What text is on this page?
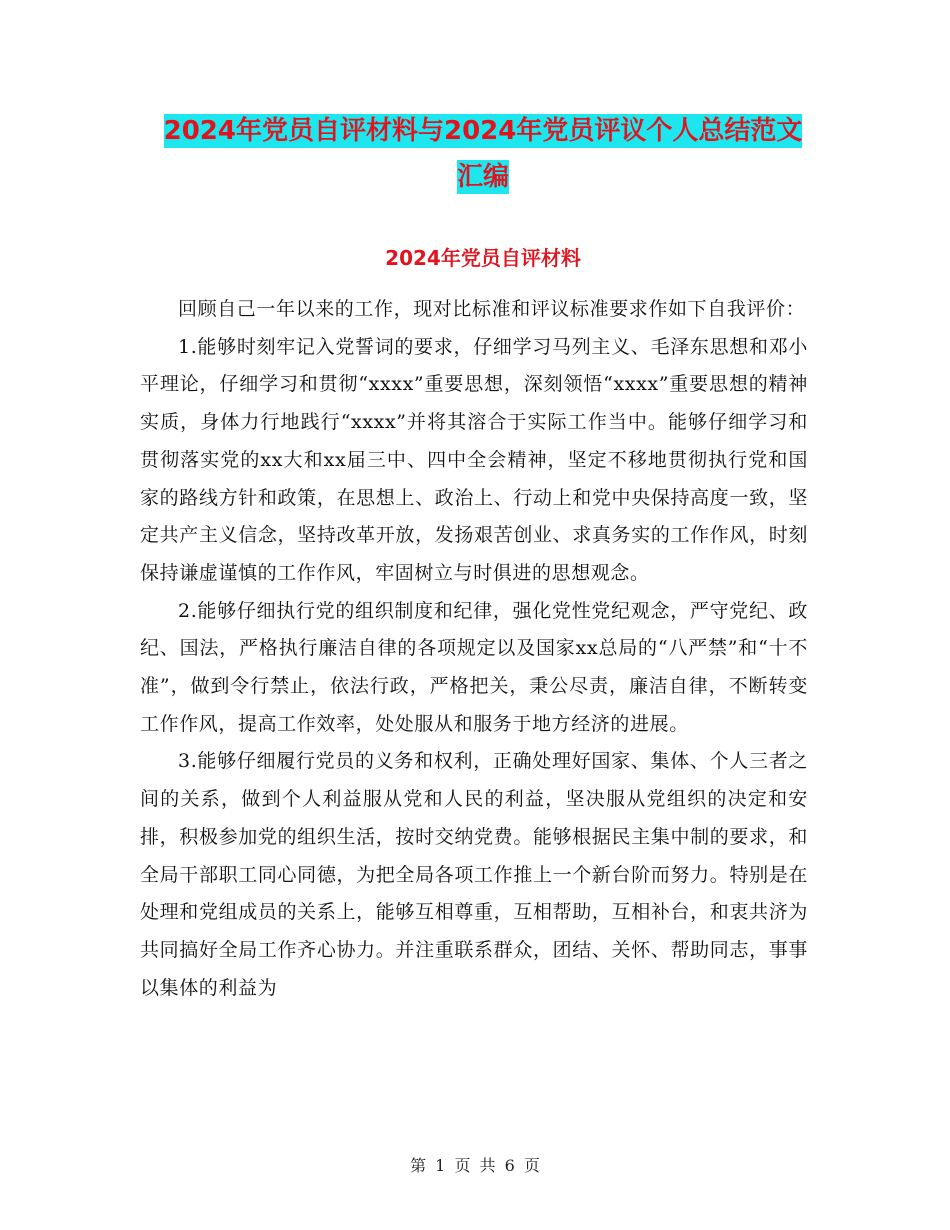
2024年党员自评材料与2024年党员评议个人总结范文
汇编
2024年党员自评材料

回顾自己一年以来的工作，现对比标准和评议标准要求作如下自我评价：

1.能够时刻牢记入党誓词的要求，仔细学习马列主义、毛泽东思想和邓小平理论，仔细学习和贯彻“xxxx”重要思想，深刻领悟“xxxx”重要思想的精神实质，身体力行地践行“xxxx”并将其溶合于实际工作当中。能够仔细学习和贯彻落实党的xx大和xx届三中、四中全会精神，坚定不移地贯彻执行党和国家的路线方针和政策，在思想上、政治上、行动上和党中央保持高度一致，坚定共产主义信念，坚持改革开放，发扬艰苦创业、求真务实的工作作风，时刻保持谦虚谨慎的工作作风，牢固树立与时俱进的思想观念。

2.能够仔细执行党的组织制度和纪律，强化党性党纪观念，严守党纪、政纪、国法，严格执行廉洁自律的各项规定以及国家xx总局的“八严禁”和“十不准”，做到令行禁止，依法行政，严格把关，秉公尽责，廉洁自律，不断转变工作作风，提高工作效率，处处服从和服务于地方经济的进展。

3.能够仔细履行党员的义务和权利，正确处理好国家、集体、个人三者之间的关系，做到个人利益服从党和人民的利益，坚决服从党组织的决定和安排，积极参加党的组织生活，按时交纳党费。能够根据民主集中制的要求，和全局干部职工同心同德，为把全局各项工作推上一个新台阶而努力。特别是在处理和党组成员的关系上，能够互相尊重，互相帮助，互相补台，和衷共济为共同搞好全局工作齐心协力。并注重联系群众，团结、关怀、帮助同志，事事以集体的利益为

第 1 页 共 6 页
